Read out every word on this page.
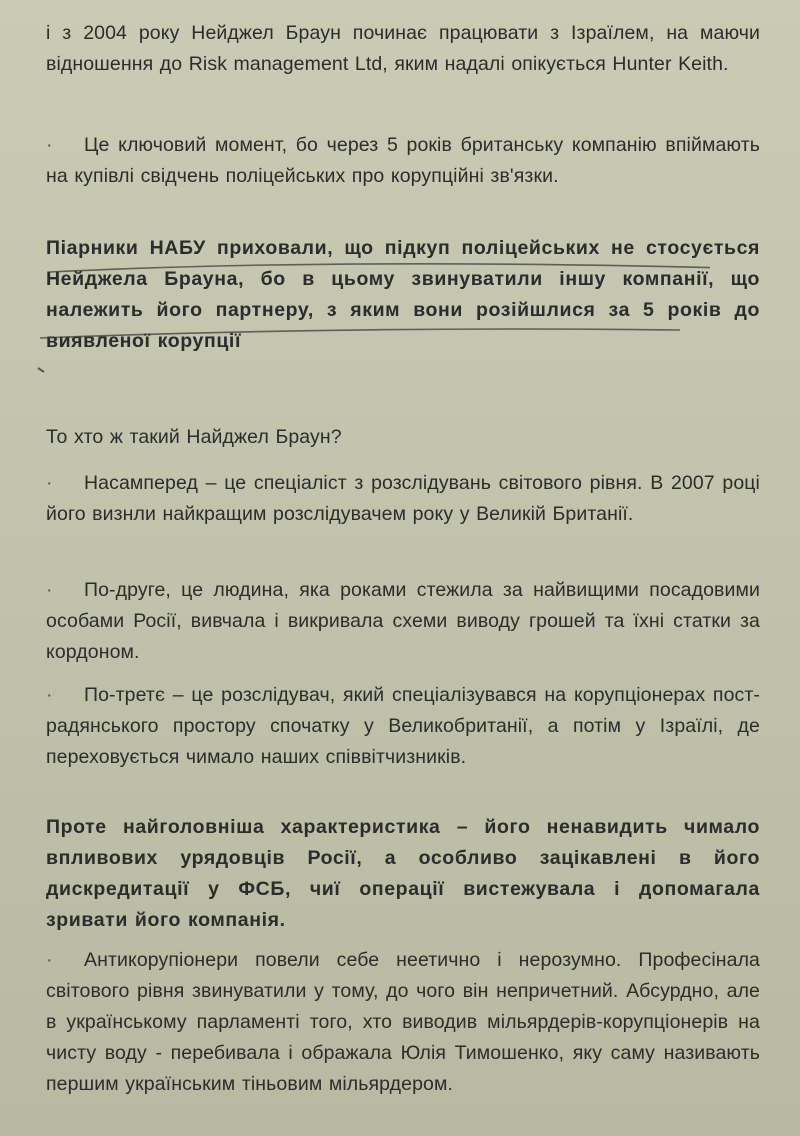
і з 2004 року Нейджел Браун починає працювати з Ізраїлем, на маючи відношення до Risk management Ltd, яким надалі опікується Hunter Keith.
· Це ключовий момент, бо через 5 років британську компанію впіймають на купівлі свідчень поліцейських про корупційні зв'язки.
Піарники НАБУ приховали, що підкуп поліцейських не стосується Нейджела Брауна, бо в цьому звинуватили іншу компанії, що належить його партнеру, з яким вони розійшлися за 5 років до виявленої корупції
То хто ж такий Найджел Браун?
· Насамперед – це спеціаліст з розслідувань світового рівня. В 2007 році його визнли найкращим розслідувачем року у Великій Британії.
· По-друге, це людина, яка роками стежила за найвищими посадовими особами Росії, вивчала і викривала схеми виводу грошей та їхні статки за кордоном.
· По-третє – це розслідувач, який спеціалізувався на корупціонерах пост-радянського простору спочатку у Великобританії, а потім у Ізраїлі, де переховується чимало наших співвітчизників.
Проте найголовніша характеристика – його ненавидить чимало впливових урядовців Росії, а особливо зацікавлені в його дискредитації у ФСБ, чиї операції вистежувала і допомагала зривати його компанія.
· Антикорупіонери повели себе неетично і нерозумно. Професінала світового рівня звинуватили у тому, до чого він непричетний. Абсурдно, але в українському парламенті того, хто виводив мільярдерів-корупціонерів на чисту воду - перебивала і ображала Юлія Тимошенко, яку саму називають першим українським тіньовим мільярдером.
